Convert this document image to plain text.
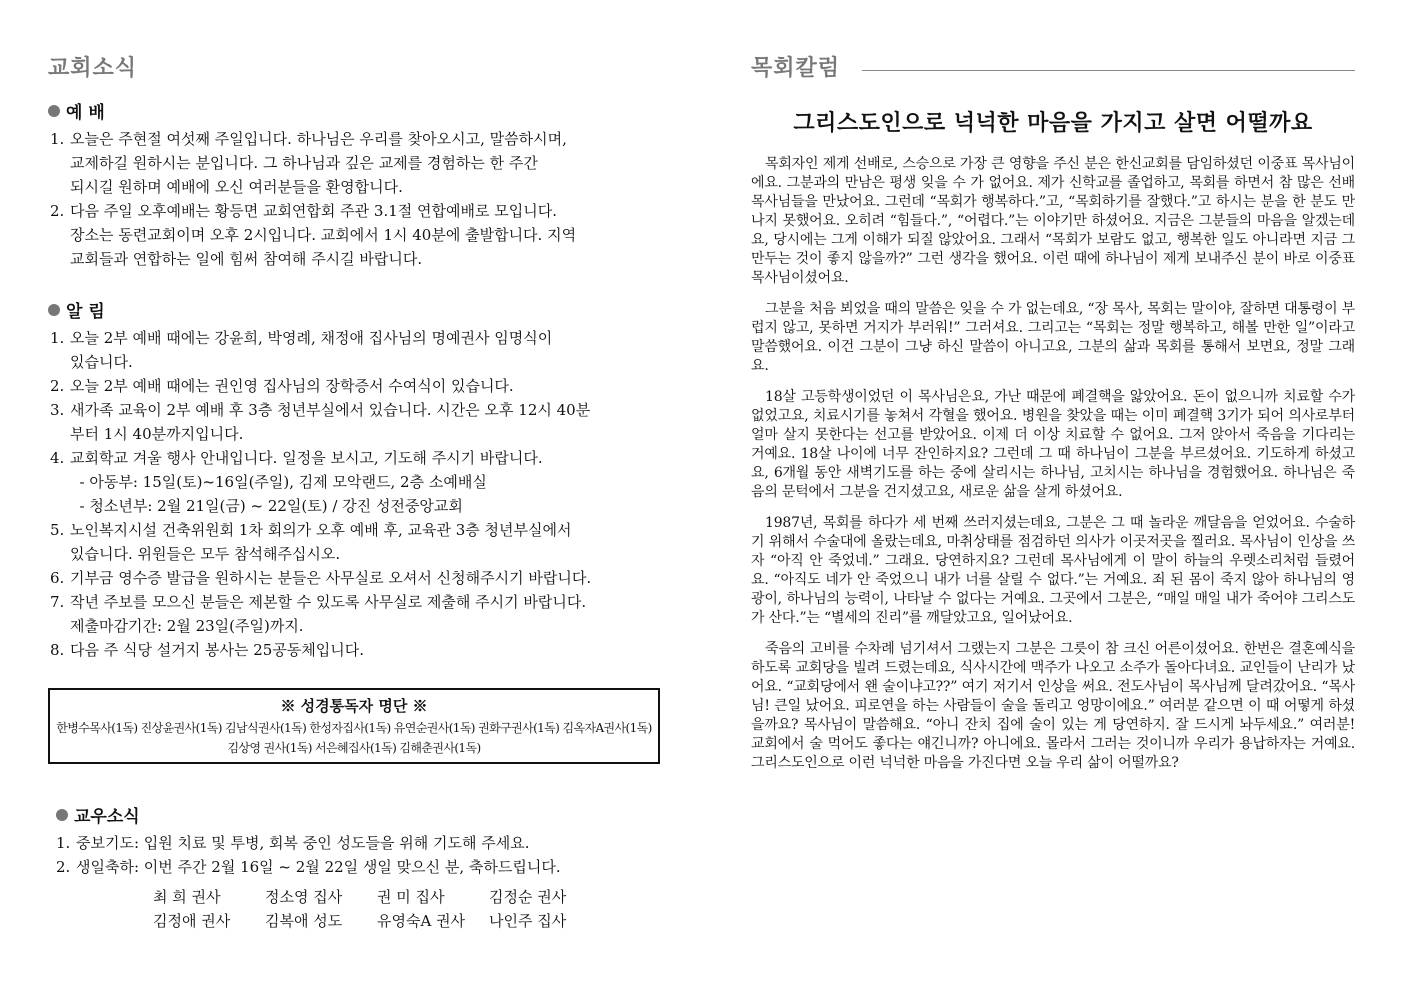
교회소식
예 배
1. 오늘은 주현절 여섯째 주일입니다. 하나님은 우리를 찾아오시고, 말씀하시며,
교제하길 원하시는 분입니다. 그 하나님과 깊은 교제를 경험하는 한 주간
되시길 원하며 예배에 오신 여러분들을 환영합니다.
2. 다음 주일 오후예배는 황등면 교회연합회 주관 3.1절 연합예배로 모입니다.
장소는 동련교회이며 오후 2시입니다. 교회에서 1시 40분에 출발합니다. 지역
교회들과 연합하는 일에 힘써 참여해 주시길 바랍니다.
알 림
1. 오늘 2부 예배 때에는 강윤희, 박영례, 채정애 집사님의 명예권사 임명식이
있습니다.
2. 오늘 2부 예배 때에는 권인영 집사님의 장학증서 수여식이 있습니다.
3. 새가족 교육이 2부 예배 후 3층 청년부실에서 있습니다. 시간은 오후 12시 40분
부터 1시 40분까지입니다.
4. 교회학교 겨울 행사 안내입니다. 일정을 보시고, 기도해 주시기 바랍니다.
- 아동부: 15일(토)~16일(주일), 김제 모악랜드, 2층 소예배실
- 청소년부: 2월 21일(금) ~ 22일(토) / 강진 성전중앙교회
5. 노인복지시설 건축위원회 1차 회의가 오후 예배 후, 교육관 3층 청년부실에서
있습니다. 위원들은 모두 참석해주십시오.
6. 기부금 영수증 발급을 원하시는 분들은 사무실로 오셔서 신청해주시기 바랍니다.
7. 작년 주보를 모으신 분들은 제본할 수 있도록 사무실로 제출해 주시기 바랍니다.
제출마감기간: 2월 23일(주일)까지.
8. 다음 주 식당 설거지 봉사는 25공동체입니다.
※ 성경통독자 명단 ※
한병수목사(1독) 진상윤권사(1독) 김남식권사(1독) 한성자집사(1독) 유연순권사(1독) 권화구권사(1독) 김옥자A권사(1독)
김상영 권사(1독) 서은혜집사(1독) 김해춘권사(1독)
교우소식
1. 중보기도: 입원 치료 및 투병, 회복 중인 성도들을 위해 기도해 주세요.
2. 생일축하: 이번 주간 2월 16일 ~ 2월 22일 생일 맞으신 분, 축하드립니다.
최 희 권사	정소영 집사	권 미 집사	김정순 권사
김정애 권사	김복애 성도	유영숙A 권사	나인주 집사
목회칼럼
그리스도인으로 넉넉한 마음을 가지고 살면 어떨까요

목회자인 제게 선배로, 스승으로 가장 큰 영향을 주신 분은 한신교회를 담임하셨던 이중표 목사님이에요. 그분과의 만남은 평생 잊을 수 가 없어요. 제가 신학교를 졸업하고, 목회를 하면서 참 많은 선배 목사님들을 만났어요. 그런데 “목회가 행복하다.”고, “목회하기를 잘했다.”고 하시는 분을 한 분도 만나지 못했어요. 오히려 “힘들다.”, “어렵다.”는 이야기만 하셨어요. 지금은 그분들의 마음을 알겠는데요, 당시에는 그게 이해가 되질 않았어요. 그래서 “목회가 보람도 없고, 행복한 일도 아니라면 지금 그만두는 것이 좋지 않을까?” 그런 생각을 했어요. 이런 때에 하나님이 제게 보내주신 분이 바로 이중표 목사님이셨어요.

그분을 처음 뵈었을 때의 말씀은 잊을 수 가 없는데요, “장 목사, 목회는 말이야, 잘하면 대통령이 부럽지 않고, 못하면 거지가 부러워!” 그러셔요. 그리고는 “목회는 정말 행복하고, 해볼 만한 일”이라고 말씀했어요. 이건 그분이 그냥 하신 말씀이 아니고요, 그분의 삶과 목회를 통해서 보면요, 정말 그래요.

18살 고등학생이었던 이 목사님은요, 가난 때문에 폐결핵을 앓았어요. 돈이 없으니까 치료할 수가 없었고요, 치료시기를 놓쳐서 각혈을 했어요. 병원을 찾았을 때는 이미 폐결핵 3기가 되어 의사로부터 얼마 살지 못한다는 선고를 받았어요. 이제 더 이상 치료할 수 없어요. 그저 앉아서 죽음을 기다리는 거예요. 18살 나이에 너무 잔인하지요? 그런데 그 때 하나님이 그분을 부르셨어요. 기도하게 하셨고요, 6개월 동안 새벽기도를 하는 중에 살리시는 하나님, 고치시는 하나님을 경험했어요. 하나님은 죽음의 문턱에서 그분을 건지셨고요, 새로운 삶을 살게 하셨어요.

1987년, 목회를 하다가 세 번째 쓰러지셨는데요, 그분은 그 때 놀라운 깨달음을 얻었어요. 수술하기 위해서 수술대에 올랐는데요, 마취상태를 점검하던 의사가 이곳저곳을 찔러요. 목사님이 인상을 쓰자 “아직 안 죽었네.” 그래요. 당연하지요? 그런데 목사님에게 이 말이 하늘의 우렛소리처럼 들렸어요. “아직도 네가 안 죽었으니 내가 너를 살릴 수 없다.”는 거예요. 죄 된 몸이 죽지 않아 하나님의 영광이, 하나님의 능력이, 나타날 수 없다는 거예요. 그곳에서 그분은, “매일 매일 내가 죽어야 그리스도가 산다.”는 “별세의 진리”를 깨달았고요, 일어났어요.

죽음의 고비를 수차례 넘기셔서 그랬는지 그분은 그릇이 참 크신 어른이셨어요. 한번은 결혼예식을 하도록 교회당을 빌려 드렸는데요, 식사시간에 맥주가 나오고 소주가 돌아다녀요. 교인들이 난리가 났어요. “교회당에서 왠 술이냐고??” 여기 저기서 인상을 써요. 전도사님이 목사님께 달려갔어요. “목사님! 큰일 났어요. 피로연을 하는 사람들이 술을 돌리고 엉망이에요.” 여러분 같으면 이 때 어떻게 하셨을까요? 목사님이 말씀해요. “아니 잔치 집에 술이 있는 게 당연하지. 잘 드시게 놔두세요.” 여러분! 교회에서 술 먹어도 좋다는 얘긴니까? 아니에요. 몰라서 그러는 것이니까 우리가 용납하자는 거예요. 그리스도인으로 이런 넉넉한 마음을 가진다면 오늘 우리 삶이 어떨까요?
